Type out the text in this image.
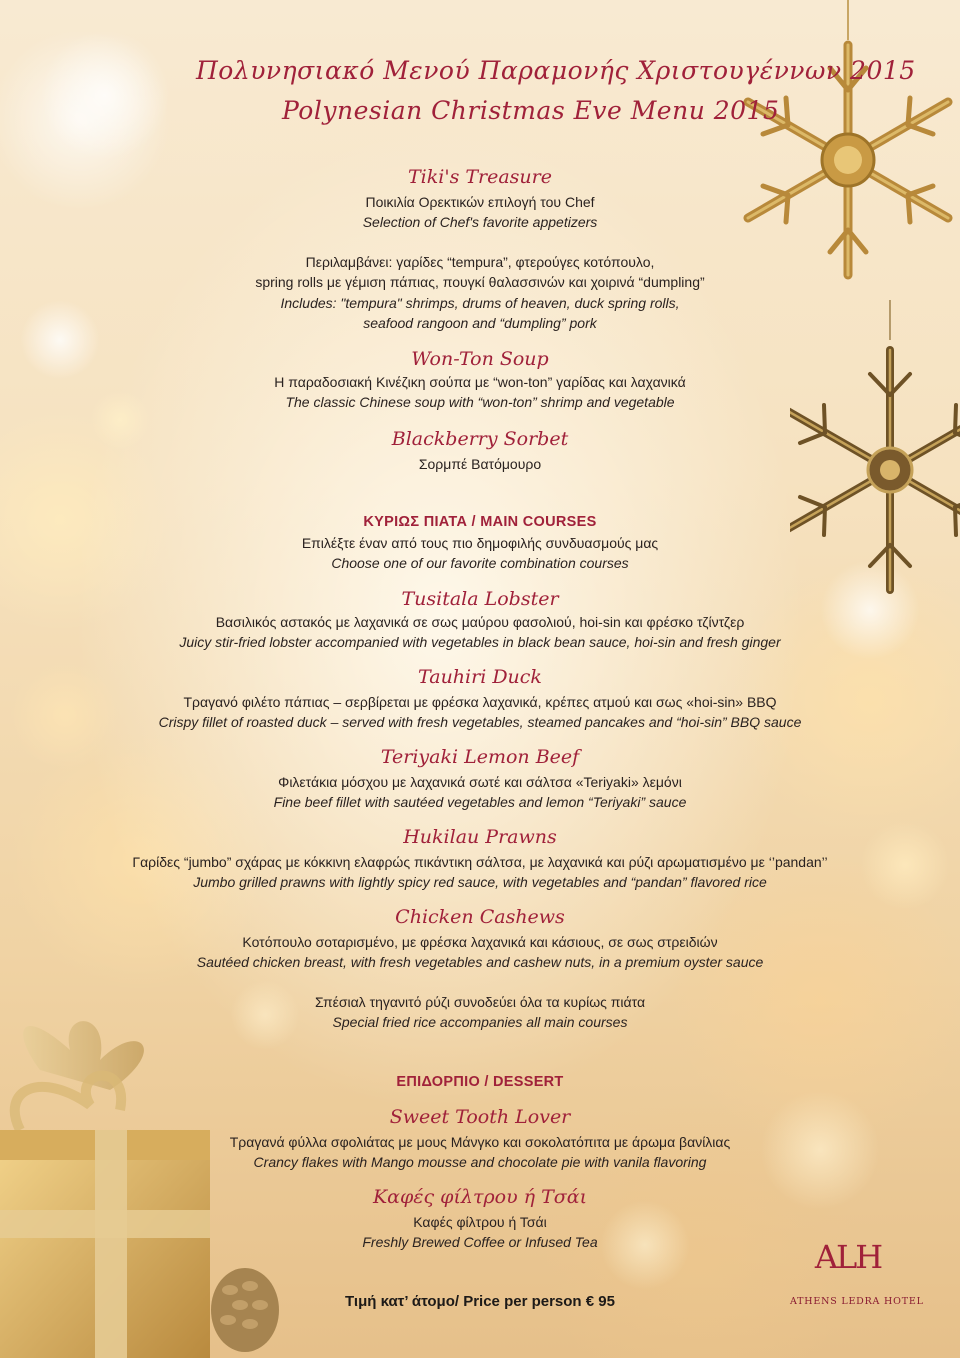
Πολυνησιακό Μενού Παραμονής Χριστουγέννων 2015
Polynesian Christmas Eve Menu 2015
Tiki's Treasure
Ποικιλία Ορεκτικών επιλογή του Chef
Selection of Chef's favorite appetizers
Περιλαμβάνει: γαρίδες “tempura”, φτερούγες κοτόπουλο,
spring rolls με γέμιση πάπιας, πουγκί θαλασσινών και χοιρινά “dumpling”
Includes: "tempura" shrimps, drums of heaven, duck spring rolls,
seafood rangoon and “dumpling” pork
Won-Ton Soup
Η παραδοσιακή Κινέζικη σούπα με “won-ton” γαρίδας και λαχανικά
The classic Chinese soup with “won-ton” shrimp and vegetable
Blackberry Sorbet
Σορμπέ Βατόμουρο
ΚΥΡΙΩΣ ΠΙΑΤΑ / MAIN COURSES
Επιλέξτε έναν από τους πιο δημοφιλής συνδυασμούς μας
Choose one of our favorite combination courses
Tusitala Lobster
Βασιλικός αστακός με λαχανικά σε σως μαύρου φασολιού, hoi-sin και φρέσκο τζίντζερ
Juicy stir-fried lobster accompanied with vegetables in black bean sauce, hoi-sin and fresh ginger
Tauhiri Duck
Τραγανό φιλέτο πάπιας – σερβίρεται με φρέσκα λαχανικά, κρέπες ατμού και σως «hoi-sin» BBQ
Crispy fillet of roasted duck – served with fresh vegetables, steamed pancakes and “hoi-sin” BBQ sauce
Teriyaki Lemon Beef
Φιλετάκια μόσχου με λαχανικά σωτέ και σάλτσα «Teriyaki» λεμόνι
Fine beef fillet with sautéed vegetables and lemon “Teriyaki” sauce
Hukilau Prawns
Γαρίδες “jumbo” σχάρας με κόκκινη ελαφρώς πικάντικη σάλτσα, με λαχανικά και ρύζι αρωματισμένο με ‘’pandan’’
Jumbo grilled prawns with lightly spicy red sauce, with vegetables and “pandan” flavored rice
Chicken Cashews
Κοτόπουλο σοταρισμένο, με φρέσκα λαχανικά και κάσιους, σε σως στρειδιών
Sautéed chicken breast, with fresh vegetables and cashew nuts, in a premium oyster sauce
Σπέσιαλ τηγανιτό ρύζι συνοδεύει όλα τα κυρίως πιάτα
Special fried rice accompanies all main courses
ΕΠΙΔΟΡΠΙΟ / DESSERT
Sweet Tooth Lover
Τραγανά φύλλα σφολιάτας με μους Μάνγκο και σοκολατόπιτα με άρωμα βανίλιας
Crancy flakes with Mango mousse and chocolate pie with vanila flavoring
Καφές φίλτρου ή Τσάι
Καφές φίλτρου ή Τσάι
Freshly Brewed Coffee or Infused Tea
Τιμή κατ’ άτομο/ Price per person € 95
ALH
ATHENS LEDRA HOTEL
